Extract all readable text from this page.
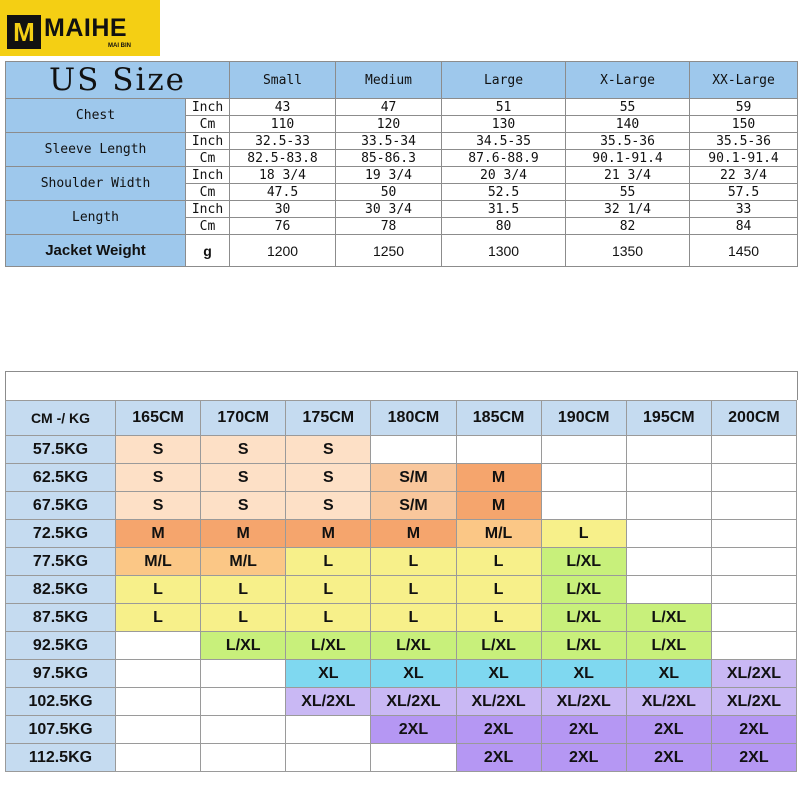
M MAIHE
MAI BIN
US Size		Small	Medium	Large	X-Large	XX-Large
Chest	Inch	43	47	51	55	59
	Cm	110	120	130	140	150
Sleeve Length	Inch	32.5-33	33.5-34	34.5-35	35.5-36	35.5-36
	Cm	82.5-83.8	85-86.3	87.6-88.9	90.1-91.4	90.1-91.4
Shoulder Width	Inch	18 3/4	19 3/4	20 3/4	21 3/4	22 3/4
	Cm	47.5	50	52.5	55	57.5
Length	Inch	30	30 3/4	31.5	32 1/4	33
	Cm	76	78	80	82	84
Jacket Weight	g	1200	1250	1300	1350	1450
CM -/ KG	165CM	170CM	175CM	180CM	185CM	190CM	195CM	200CM
57.5KG	S	S	S					
62.5KG	S	S	S	S/M	M			
67.5KG	S	S	S	S/M	M			
72.5KG	M	M	M	M	M/L	L		
77.5KG	M/L	M/L	L	L	L	L/XL		
82.5KG	L	L	L	L	L	L/XL		
87.5KG	L	L	L	L	L	L/XL	L/XL	
92.5KG		L/XL	L/XL	L/XL	L/XL	L/XL	L/XL	
97.5KG			XL	XL	XL	XL	XL	XL/2XL
102.5KG			XL/2XL	XL/2XL	XL/2XL	XL/2XL	XL/2XL	XL/2XL
107.5KG				2XL	2XL	2XL	2XL	2XL
112.5KG					2XL	2XL	2XL	2XL
